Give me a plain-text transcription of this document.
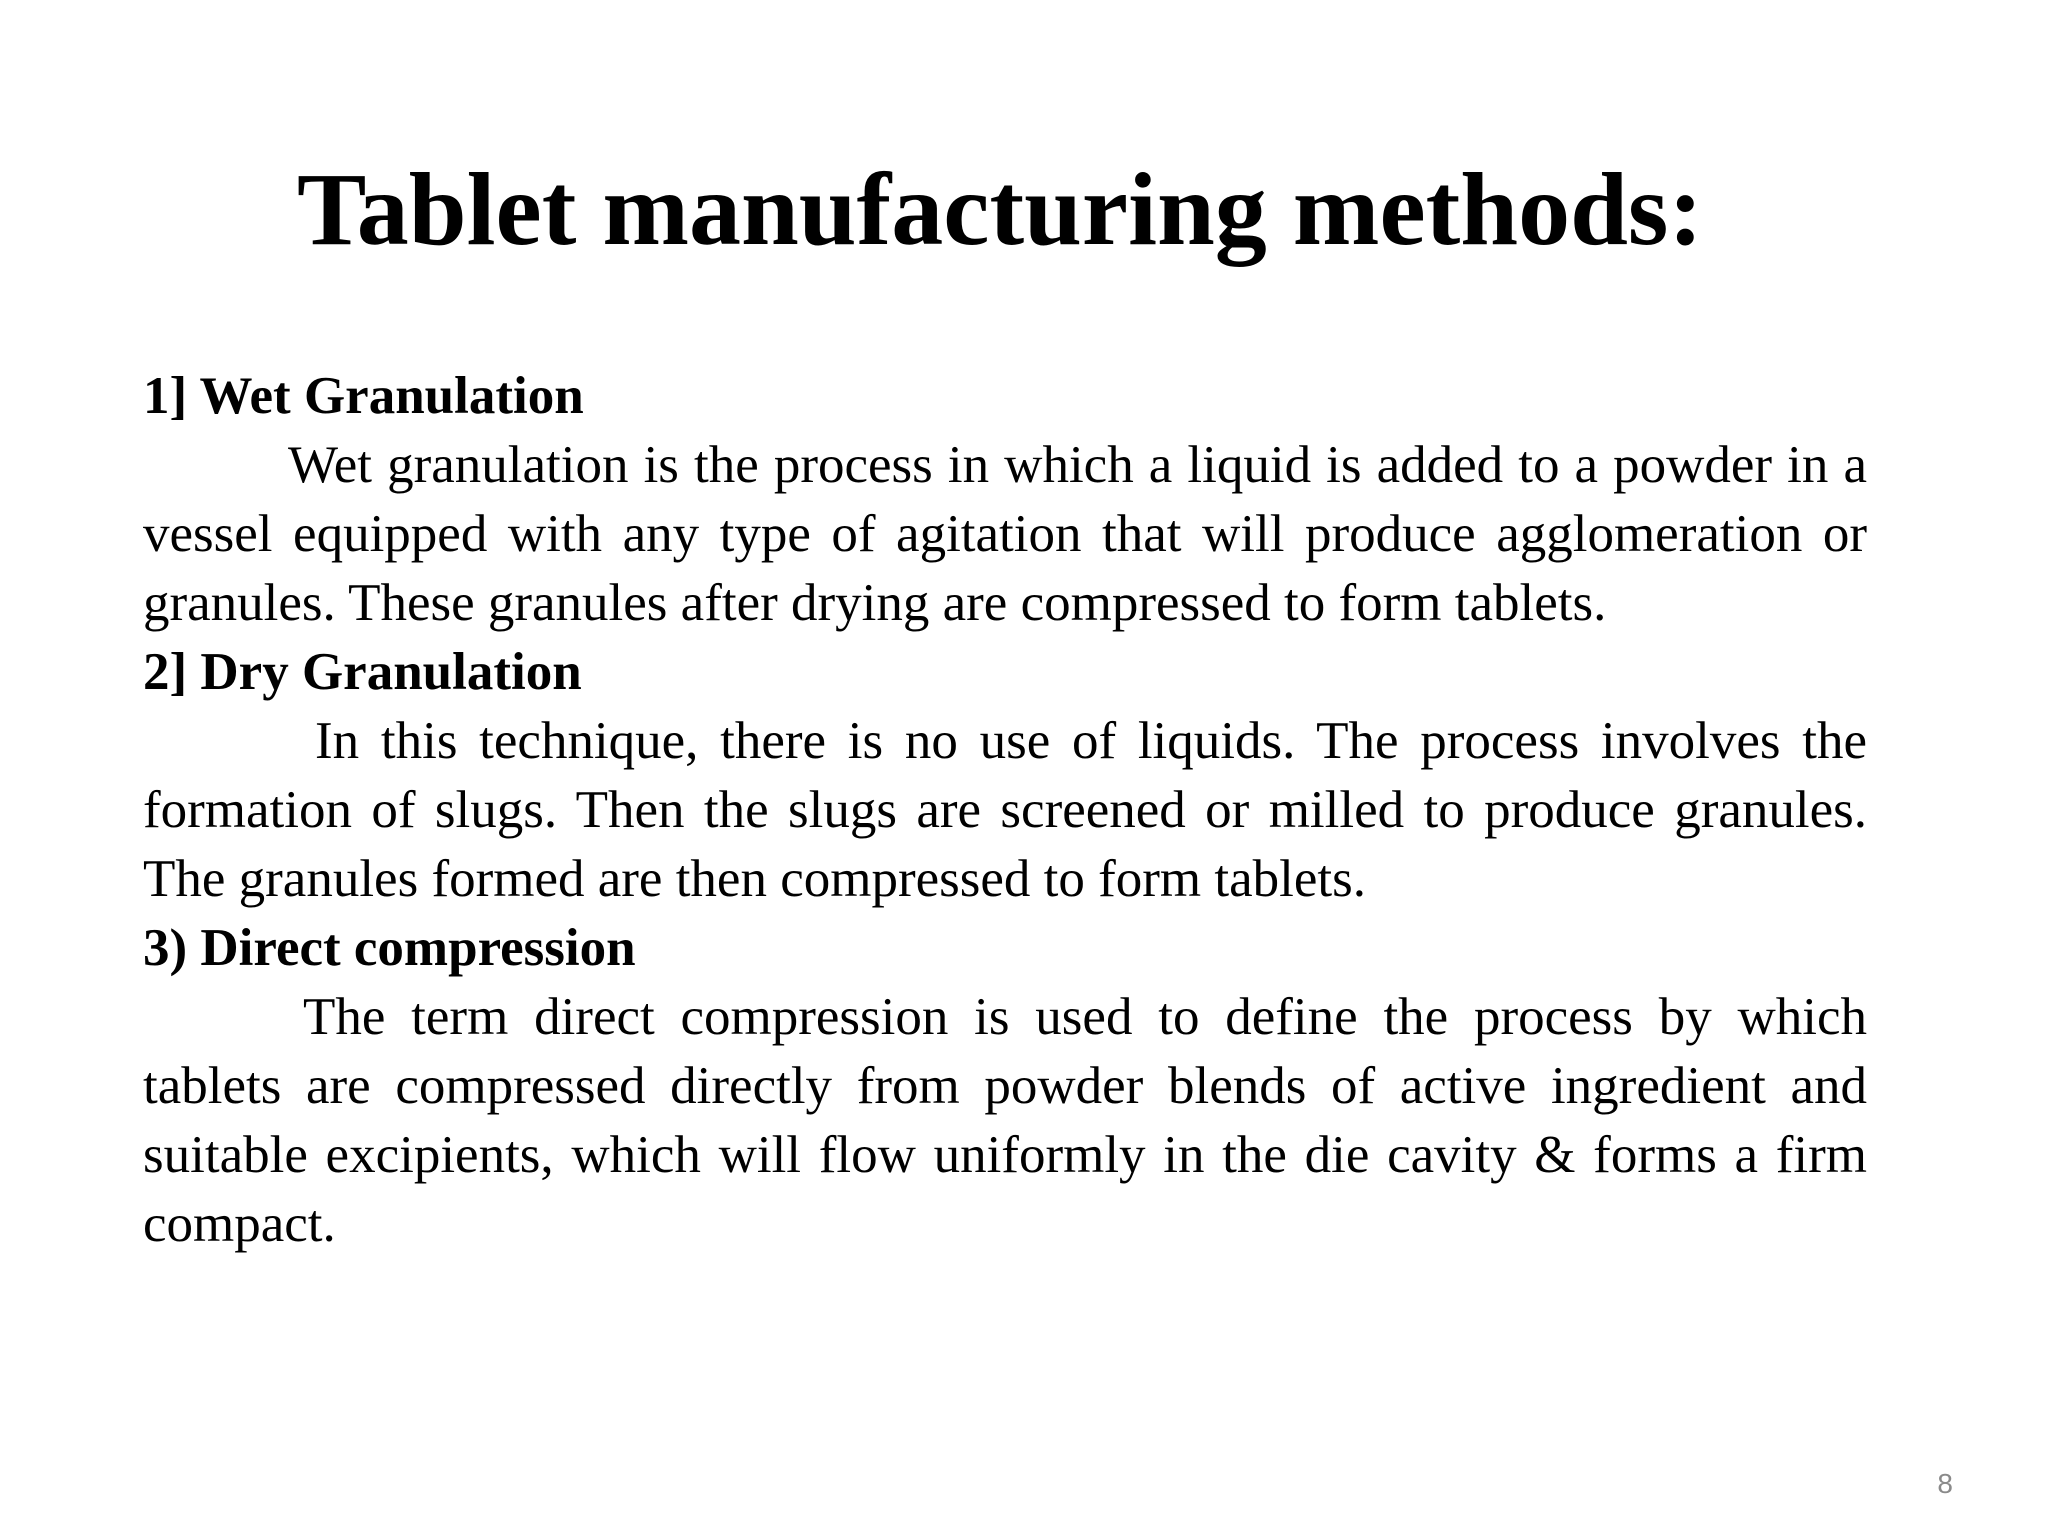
Tablet manufacturing methods:

1] Wet Granulation

Wet granulation is the process in which a liquid is added to a powder in a vessel equipped with any type of agitation that will produce agglomeration or granules. These granules after drying are compressed to form tablets.

2] Dry Granulation

In this technique, there is no use of liquids. The process involves the formation of slugs. Then the slugs are screened or milled to produce granules. The granules formed are then compressed to form tablets.

3) Direct compression

The term direct compression is used to define the process by which tablets are compressed directly from powder blends of active ingredient and suitable excipients, which will flow uniformly in the die cavity & forms a firm compact.

8
